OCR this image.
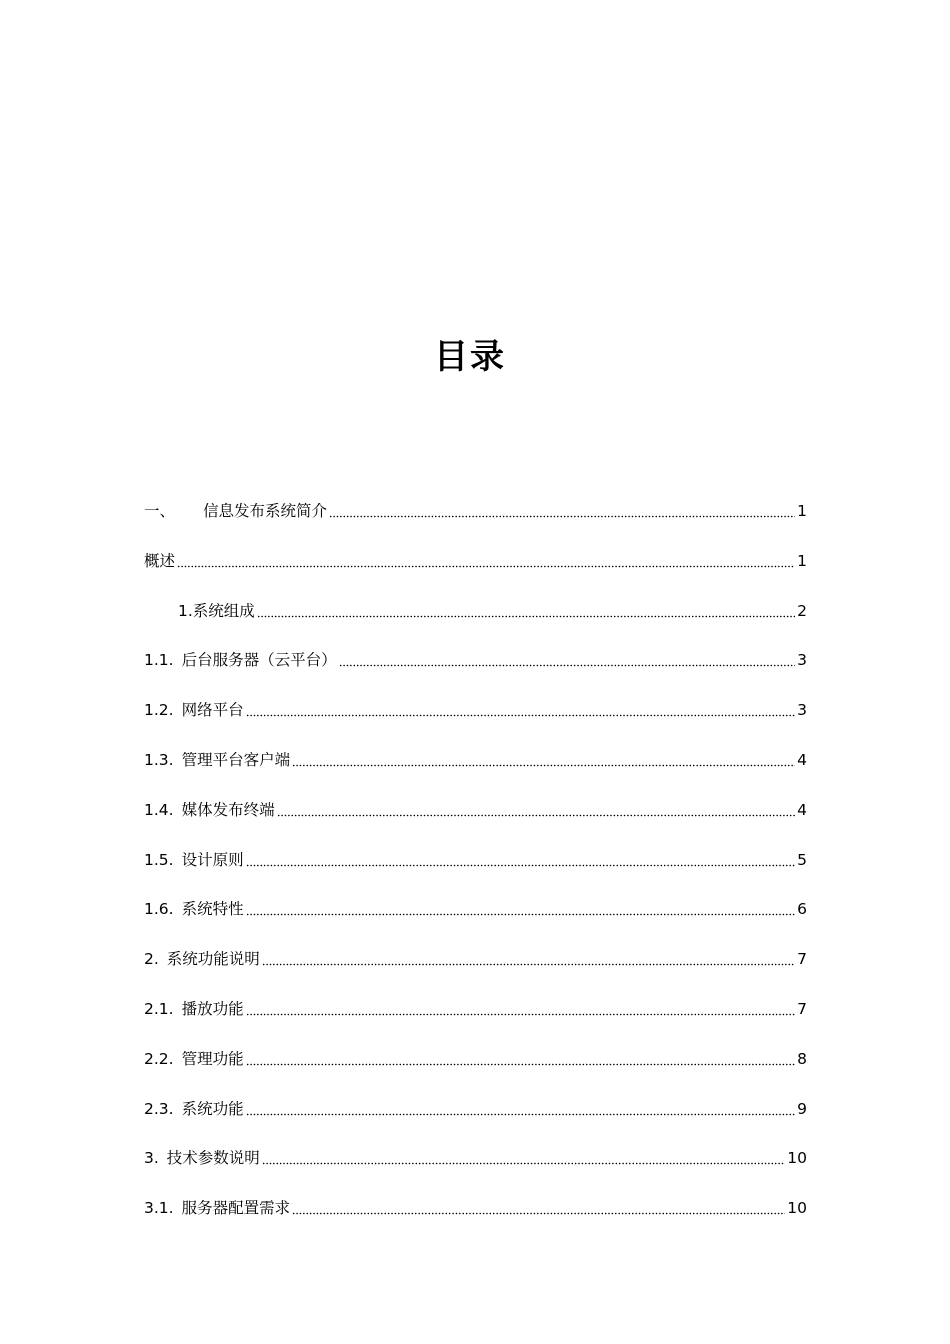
目录
一、 信息发布系统简介	1
概述	1
1.系统组成	2
1.1. 后台服务器（云平台）	3
1.2. 网络平台	3
1.3. 管理平台客户端	4
1.4. 媒体发布终端	4
1.5. 设计原则	5
1.6. 系统特性	6
2. 系统功能说明	7
2.1. 播放功能	7
2.2. 管理功能	8
2.3. 系统功能	9
3. 技术参数说明	10
3.1. 服务器配置需求	10
